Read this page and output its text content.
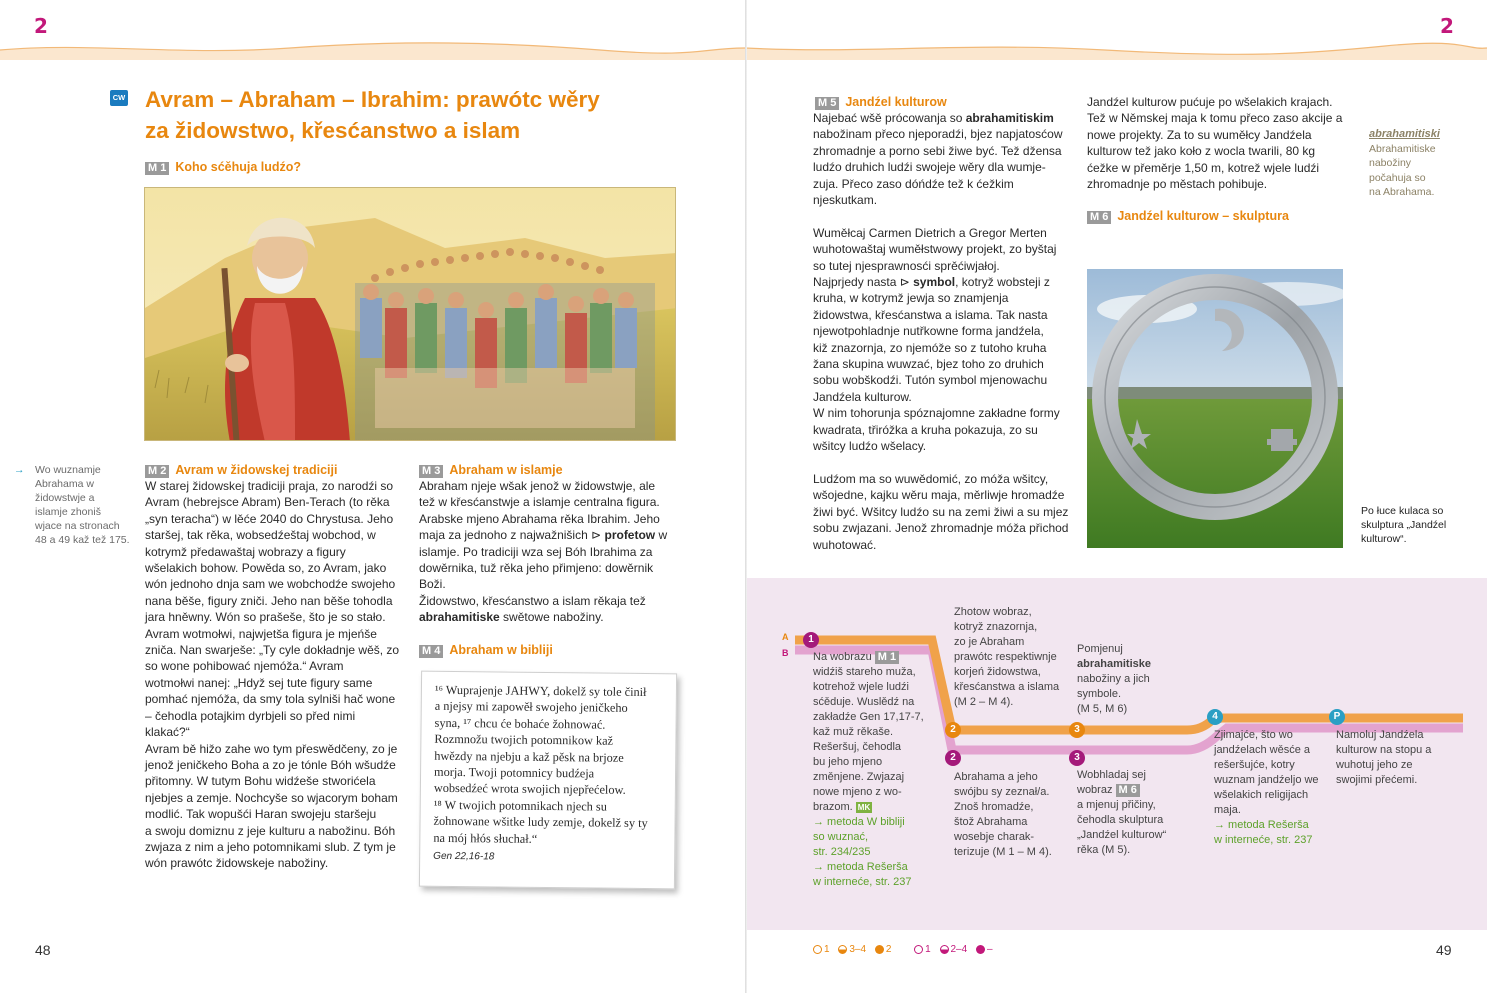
2
CW Avram – Abraham – Ibrahim: prawótc wěry
za židowstwo, křesćanstwo a islam
M 1 Koho sćěhuja ludźo?
→ Wo wuznamje
Abrahama w
židowstwje a
islamje zhoniš
wjace na stronach
48 a 49 kaž tež 175.
M 2 Avram w židowskej tradiciji
W starej židowskej tradiciji praja, zo narodźi so
Avram (hebrejsce Abram) Ben-Terach (to rěka
„syn teracha“) w lěće 2040 do Chrystusa. Jeho
staršej, tak rěka, wobsedźeštaj wobchod, w
kotrymž předawaštaj wobrazy a figury
wšelakich bohow. Powěda so, zo Avram, jako
wón jednoho dnja sam we wobchodźe swojeho
nana běše, figury zniči. Jeho nan běše tohodla
jara hněwny. Wón so prašeše, što je so stało.
Avram wotmołwi, najwjetša figura je mjeńše
zniča. Nan swarješe: „Ty cyle dokładnje wěš, zo
so wone pohibować njemóža.“ Avram
wotmołwi nanej: „Hdyž sej tute figury same
pomhać njemóža, da smy tola sylniši hač wone
– čehodla potajkim dyrbjeli so před nimi
klakać?“
Avram bě hižo zahe wo tym přeswědčeny, zo je
jenož jeničkeho Boha a zo je tónle Bóh wšudźe
přitomny. W tutym Bohu widźeše stworićela
njebjes a zemje. Nochcyše so wjacorym boham
modlić. Tak wopušći Haran swojeju staršeju
a swoju domiznu z jeje kulturu a nabožinu. Bóh
zwjaza z nim a jeho potomnikami slub. Z tym je
wón prawótc židowskeje nabožiny.
M 3 Abraham w islamje
Abraham njeje wšak jenož w židowstwje, ale
tež w křesćanstwje a islamje centralna figura.
Arabske mjeno Abrahama rěka Ibrahim. Jeho
maja za jednoho z najwažnišich ⊳ profetow w
islamje. Po tradiciji wza sej Bóh Ibrahima za
dowěrnika, tuž rěka jeho přimjeno: dowěrnik
Boži.
Židowstwo, křesćanstwo a islam rěkaja tež
abrahamitiske swětowe nabožiny.
M 4 Abraham w bibliji
¹⁶ Wuprajenje JAHWY, dokelž sy tole činił
a njejsy mi zapowěł swojeho jeničkeho
syna, ¹⁷ chcu će bohaće žohnować.
Rozmnožu twojich potomnikow kaž
hwězdy na njebju a kaž pěsk na brjoze
morja. Twoji potomnicy budźeja
wobsedźeć wrota swojich njepřećelow.
¹⁸ W twojich potomnikach njech su
žohnowane wšitke ludy zemje, dokelž sy ty
na mój hłós słuchał.“
Gen 22,16-18
48
2
M 5 Jandźel kulturow
Najebać wšě prócowanja so abrahamitiskim
nabožinam přeco njeporadźi, bjez napjatosćow
zhromadnje a porno sebi žiwe być. Tež džensa
ludźo druhich ludźi swojeje wěry dla wumje-
zuja. Přeco zaso dóńdźe tež k ćežkim
njeskutkam.
Wuměłcaj Carmen Dietrich a Gregor Merten
wuhotowaštaj wuměłstwowy projekt, zo byštaj
so tutej njesprawnosći sprěćiwjałoj.
Najprjedy nasta ⊳ symbol, kotryž wobsteji z
kruha, w kotrymž jewja so znamjenja
židowstwa, křesćanstwa a islama. Tak nasta
njewotpohladnje nutřkowne forma jandźela,
kiž znazornja, zo njemóže so z tutoho kruha
žana skupina wuwzać, bjez toho zo druhich
sobu wobškodźi. Tutón symbol mjenowachu
Jandźela kulturow.
W nim tohorunja spóznajomne zakładne formy
kwadrata, třiróžka a kruha pokazuja, zo su
wšitcy ludźo wšelacy.
Ludźom ma so wuwědomić, zo móža wšitcy,
wšojedne, kajku wěru maja, měrliwje hromadźe
žiwi być. Wšitcy ludźo su na zemi žiwi a su mjez
sobu zwjazani. Jenož zhromadnje móža přichod
wuhotować.
Jandźel kulturow pućuje po wšelakich krajach.
Tež w Němskej maja k tomu přeco zaso akcije a
nowe projekty. Za to su wuměłcy Jandźela
kulturow tež jako koło z wocla twarili, 80 kg
ćežke w přeměrje 1,50 m, kotrež wjele ludźi
zhromadnje po městach pohibuje.
abrahamitiski
Abrahamitiske
nabožiny
počahuja so
na Abrahama.
M 6 Jandźel kulturow – skulptura
Po łuce kulaca so
skulptura „Jandźel
kulturow“.
A
B
1
2
2
3
3
4	P
Na wobrazu M 1
widźiš stareho muža,
kotrehož wjele ludźi
sćěduje. Wuslědź na
zakładźe Gen 17,17-7,
kaž muž rěkaše.
Rešeršuj, čehodla
bu jeho mjeno
změnjene. Zwjazaj
nowe mjeno z wo-
brazom. MK
→ metoda W bibliji
so wuznać,
str. 234/235
→ metoda Rešerša
w interneće, str. 237
Zhotow wobraz,
kotryž znazornja,
zo je Abraham
prawótc respektiwnje
korjeń židowstwa,
křesćanstwa a islama
(M 2 – M 4).
Abrahama a jeho
swójbu sy zeznał/a.
Znoš hromadźe,
štož Abrahama
wosebje charak-
terizuje (M 1 – M 4).
Pomjenuj
abrahamitiske
nabožiny a jich
symbole.
(M 5, M 6)
Wobhladaj sej
wobraz M 6
a mjenuj přičiny,
čehodla skulptura
„Jandźel kulturow“
rěka (M 5).
Zjimajće, što wo
jandźelach wěsće a
rešeršujće, kotry
wuznam jandźeljo we
wšelakich religijach
maja.
→ metoda Rešerša
w interneće, str. 237
Namoluj Jandźela
kulturow na stopu a
wuhotuj jeho ze
swojimi přećemi.
1 3–4 2	1 2–4 –	49
